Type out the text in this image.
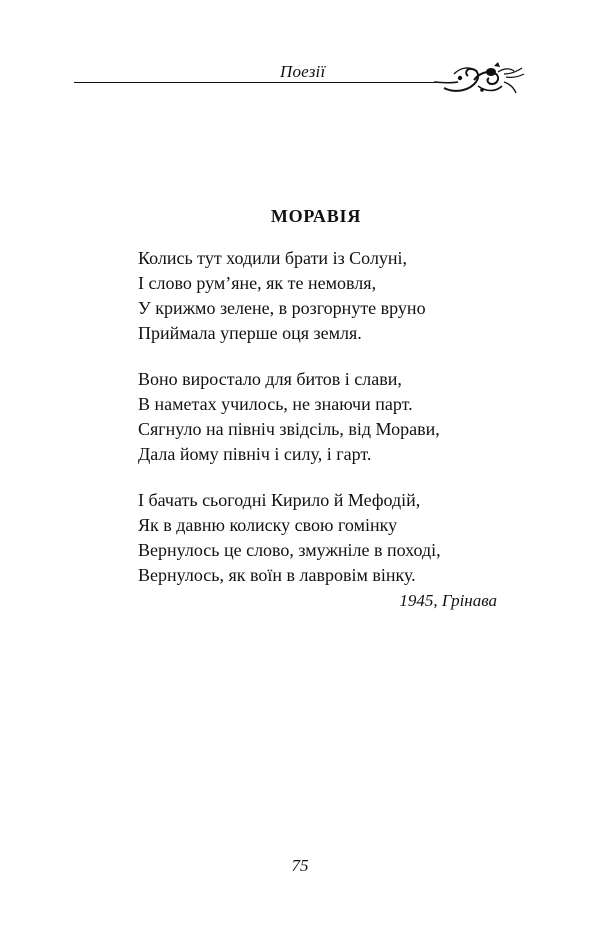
Поезії
МОРАВІЯ
Колись тут ходили брати із Солуні,
І слово рум’яне, як те немовля,
У крижмо зелене, в розгорнуте вруно
Приймала уперше оця земля.
Воно виростало для битов і слави,
В наметах училось, не знаючи парт.
Сягнуло на північ звідсіль, від Морави,
Дала йому північ і силу, і гарт.
І бачать сьогодні Кирило й Мефодій,
Як в давню колиску свою гомінку
Вернулось це слово, змужніле в поході,
Вернулось, як воїн в лавровім вінку.
1945, Грінава
75
